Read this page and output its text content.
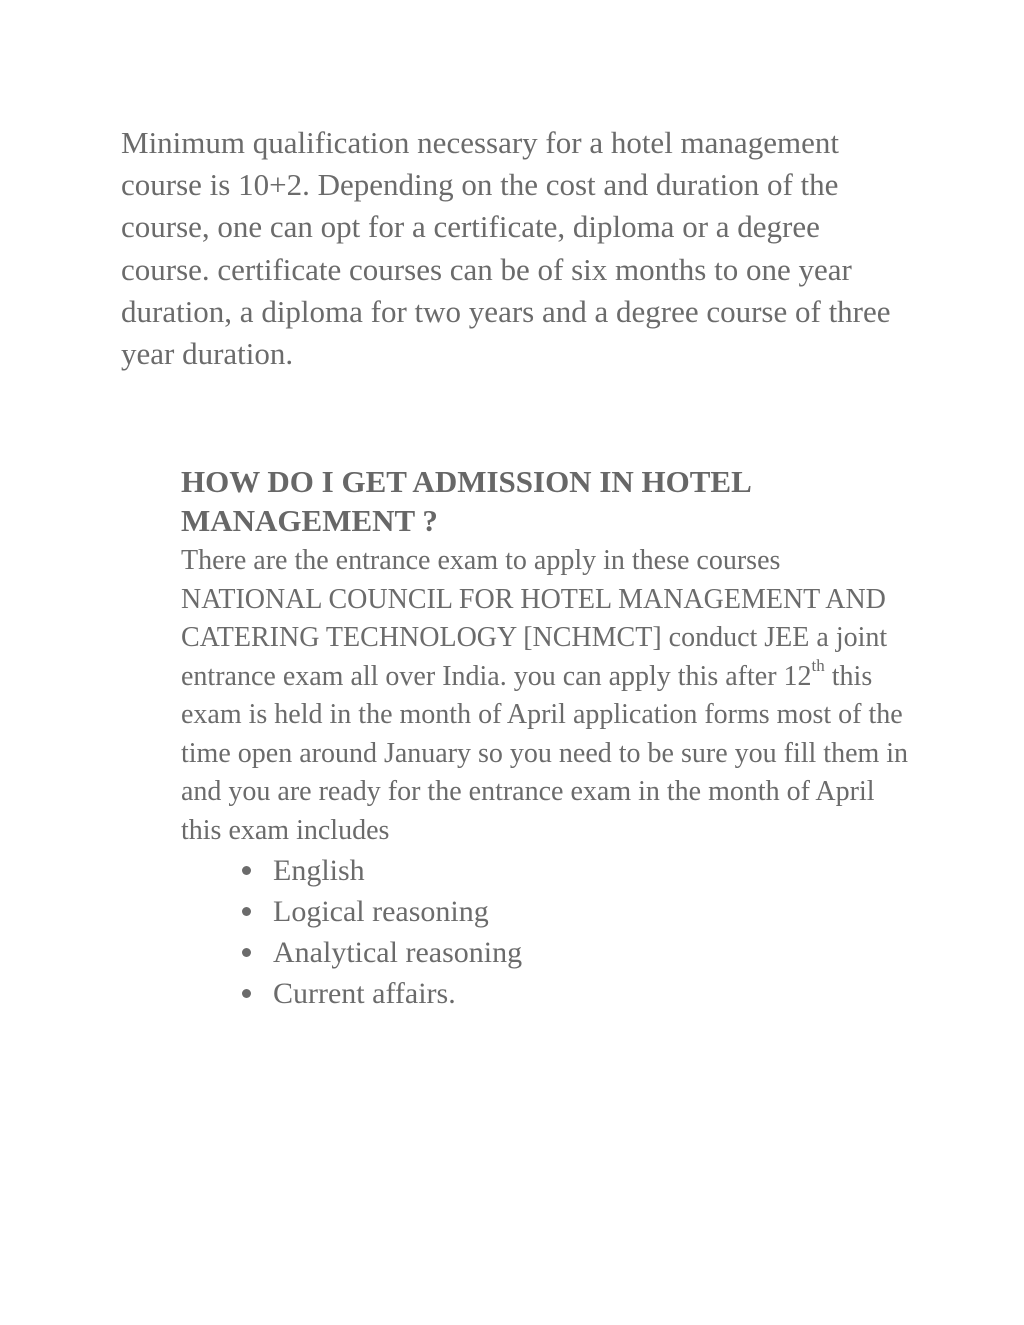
Minimum qualification necessary for a hotel management course is 10+2. Depending on the cost and duration of the course, one can opt for a certificate, diploma or a degree course. certificate courses can be of six months to one year duration, a diploma for two years and a degree course of three year duration.

HOW DO I GET ADMISSION IN HOTEL MANAGEMENT ?

There are the entrance exam to apply in these courses NATIONAL COUNCIL FOR HOTEL MANAGEMENT AND CATERING TECHNOLOGY [NCHMCT] conduct JEE a joint entrance exam all over India. you can apply this after 12th this exam is held in the month of April application forms most of the time open around January so you need to be sure you fill them in and you are ready for the entrance exam in the month of April this exam includes

English
Logical reasoning
Analytical reasoning
Current affairs.
